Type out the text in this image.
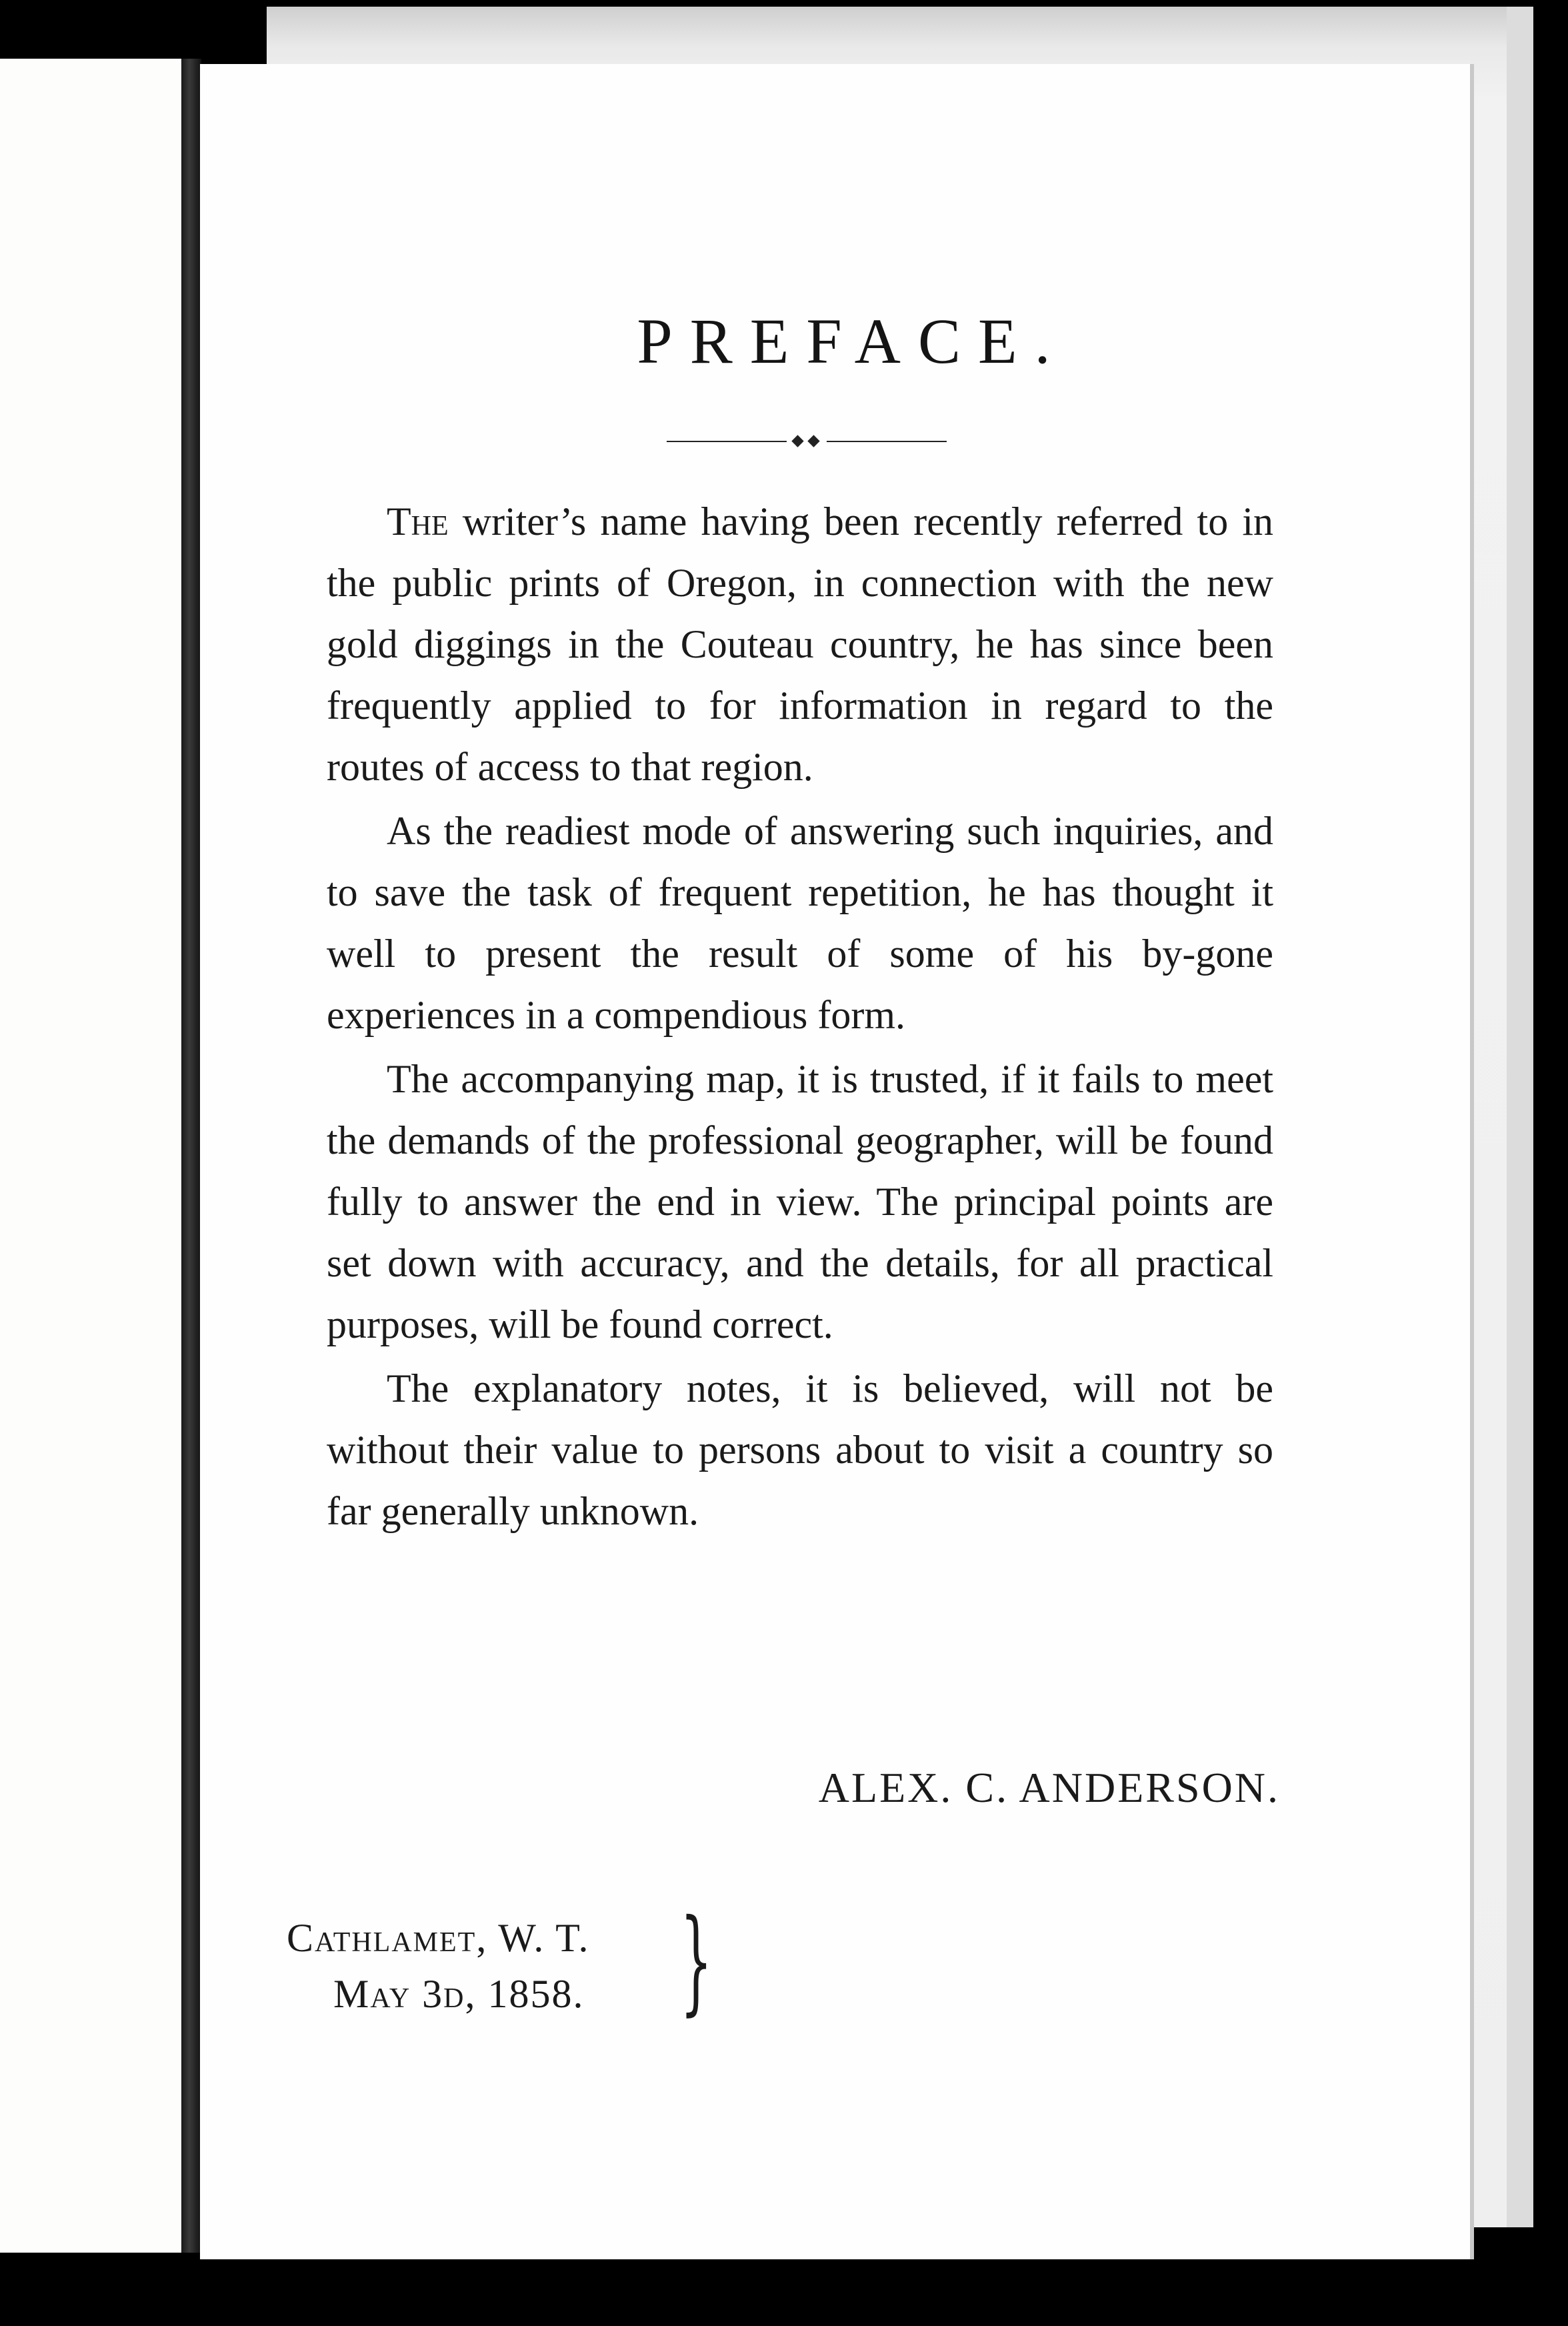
PREFACE.

The writer’s name having been recently referred to in the public prints of Oregon, in connection with the new gold diggings in the Couteau country, he has since been frequently applied to for information in regard to the routes of access to that region.

As the readiest mode of answering such inquiries, and to save the task of frequent repetition, he has thought it well to present the result of some of his by-gone experiences in a compendious form.

The accompanying map, it is trusted, if it fails to meet the demands of the professional geographer, will be found fully to answer the end in view. The principal points are set down with accuracy, and the details, for all practical purposes, will be found correct.

The explanatory notes, it is believed, will not be without their value to persons about to visit a country so far generally unknown.

ALEX. C. ANDERSON.
Cathlamet, W. T.
May 3d, 1858. }
